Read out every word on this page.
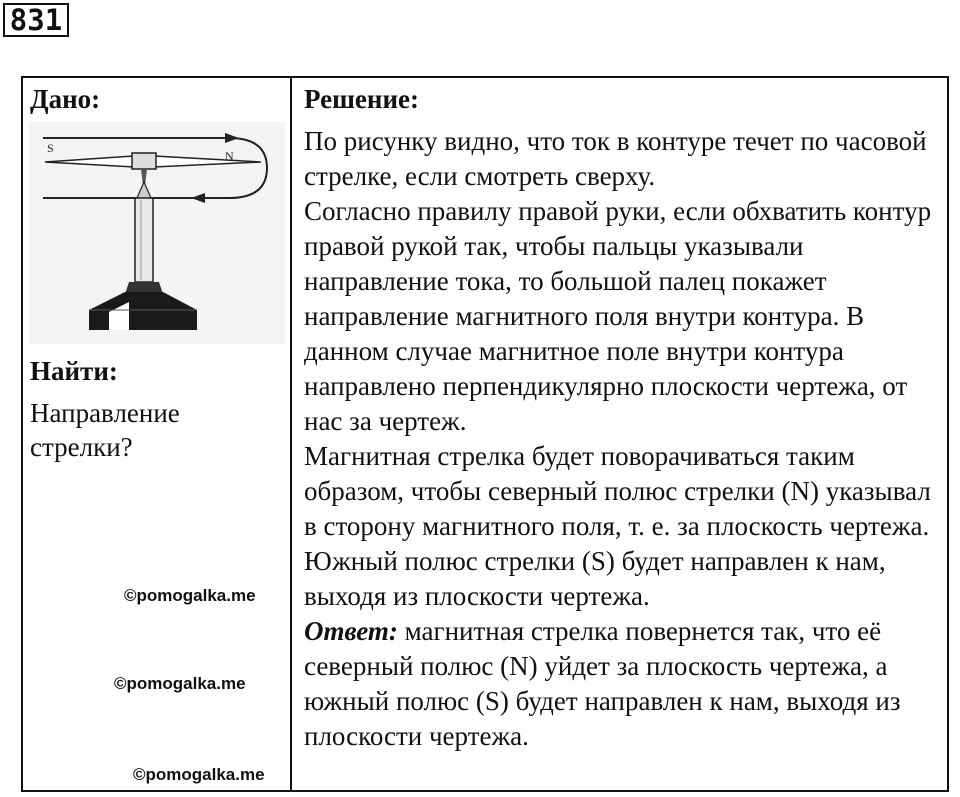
831
Дано:
S
N
Найти:
Направление стрелки?
©pomogalka.me
©pomogalka.me
©pomogalka.me
Решение:

По рисунку видно, что ток в контуре течет по часовой стрелке, если смотреть сверху.

Согласно правилу правой руки, если обхватить контур правой рукой так, чтобы пальцы указывали направление тока, то большой палец покажет направление магнитного поля внутри контура. В данном случае магнитное поле внутри контура направлено перпендикулярно плоскости чертежа, от нас за чертеж.

Магнитная стрелка будет поворачиваться таким образом, чтобы северный полюс стрелки (N) указывал в сторону магнитного поля, т. е. за плоскость чертежа. Южный полюс стрелки (S) будет направлен к нам, выходя из плоскости чертежа.

Ответ: магнитная стрелка повернется так, что её северный полюс (N) уйдет за плоскость чертежа, а южный полюс (S) будет направлен к нам, выходя из плоскости чертежа.
